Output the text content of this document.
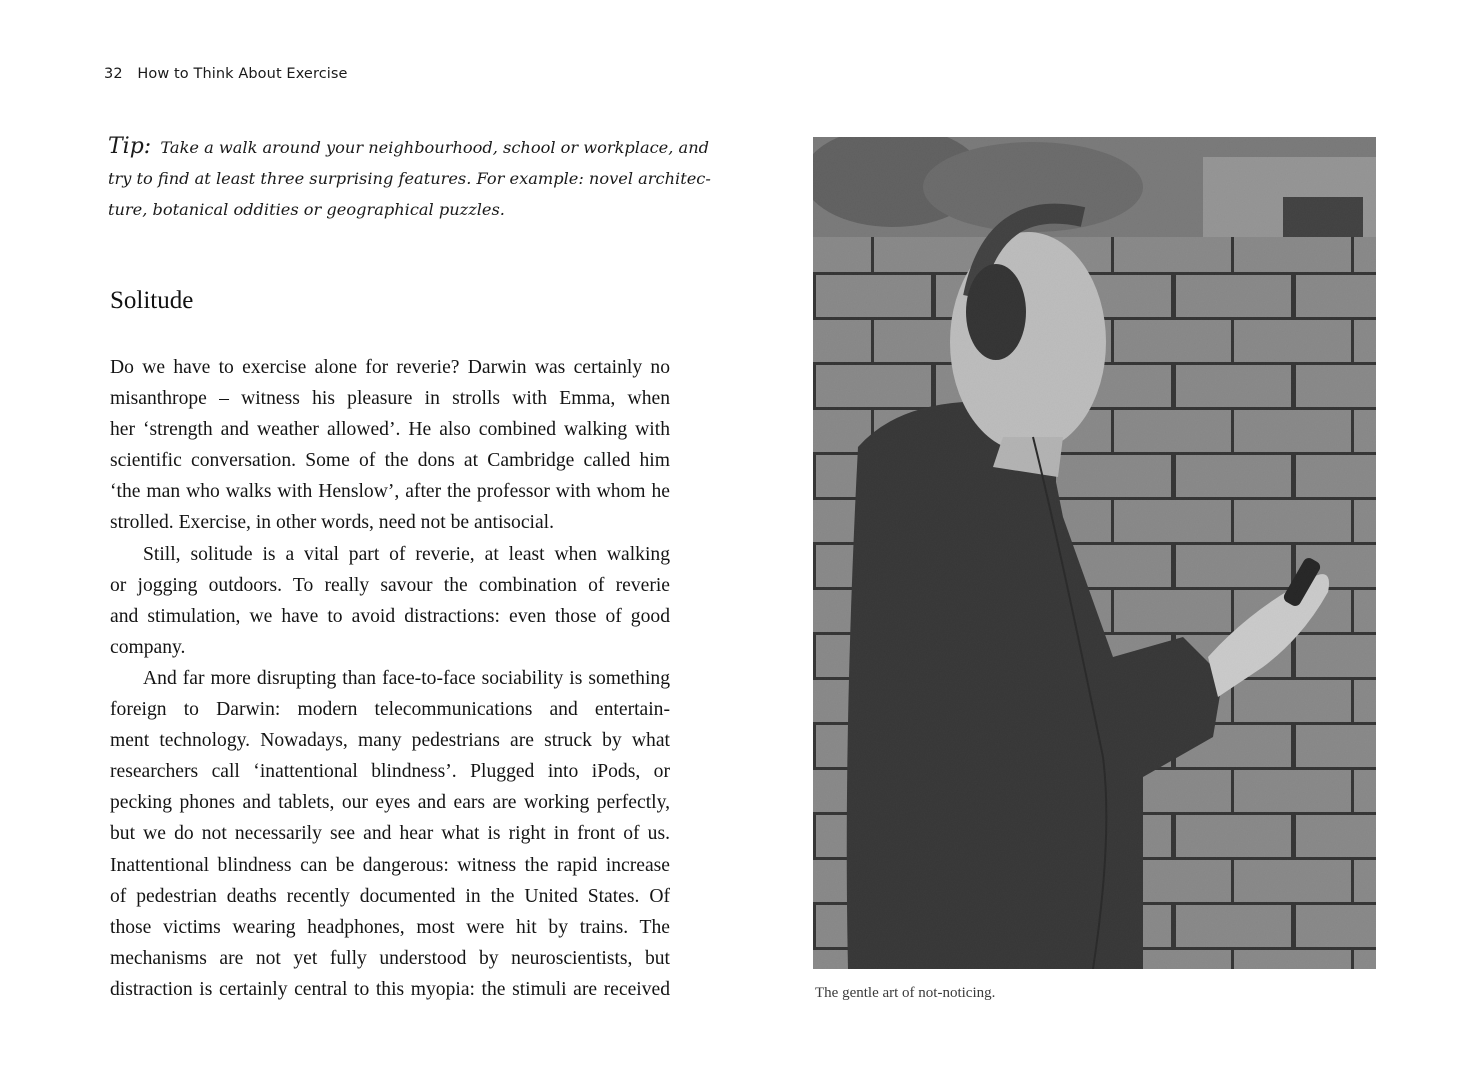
32 How to Think About Exercise
Tip: Take a walk around your neighbourhood, school or workplace, and
try to find at least three surprising features. For example: novel architec-
ture, botanical oddities or geographical puzzles.
Solitude
Do we have to exercise alone for reverie? Darwin was certainly no
misanthrope – witness his pleasure in strolls with Emma, when
her ‘strength and weather allowed’. He also combined walking with
scientific conversation. Some of the dons at Cambridge called him
‘the man who walks with Henslow’, after the professor with whom he
strolled. Exercise, in other words, need not be antisocial.
Still, solitude is a vital part of reverie, at least when walking
or jogging outdoors. To really savour the combination of reverie
and stimulation, we have to avoid distractions: even those of good
company.
And far more disrupting than face-to-face sociability is something
foreign to Darwin: modern telecommunications and entertain-
ment technology. Nowadays, many pedestrians are struck by what
researchers call ‘inattentional blindness’. Plugged into iPods, or
pecking phones and tablets, our eyes and ears are working perfectly,
but we do not necessarily see and hear what is right in front of us.
Inattentional blindness can be dangerous: witness the rapid increase
of pedestrian deaths recently documented in the United States. Of
those victims wearing headphones, most were hit by trains. The
mechanisms are not yet fully understood by neuroscientists, but
distraction is certainly central to this myopia: the stimuli are received	The gentle art of not-noticing.
